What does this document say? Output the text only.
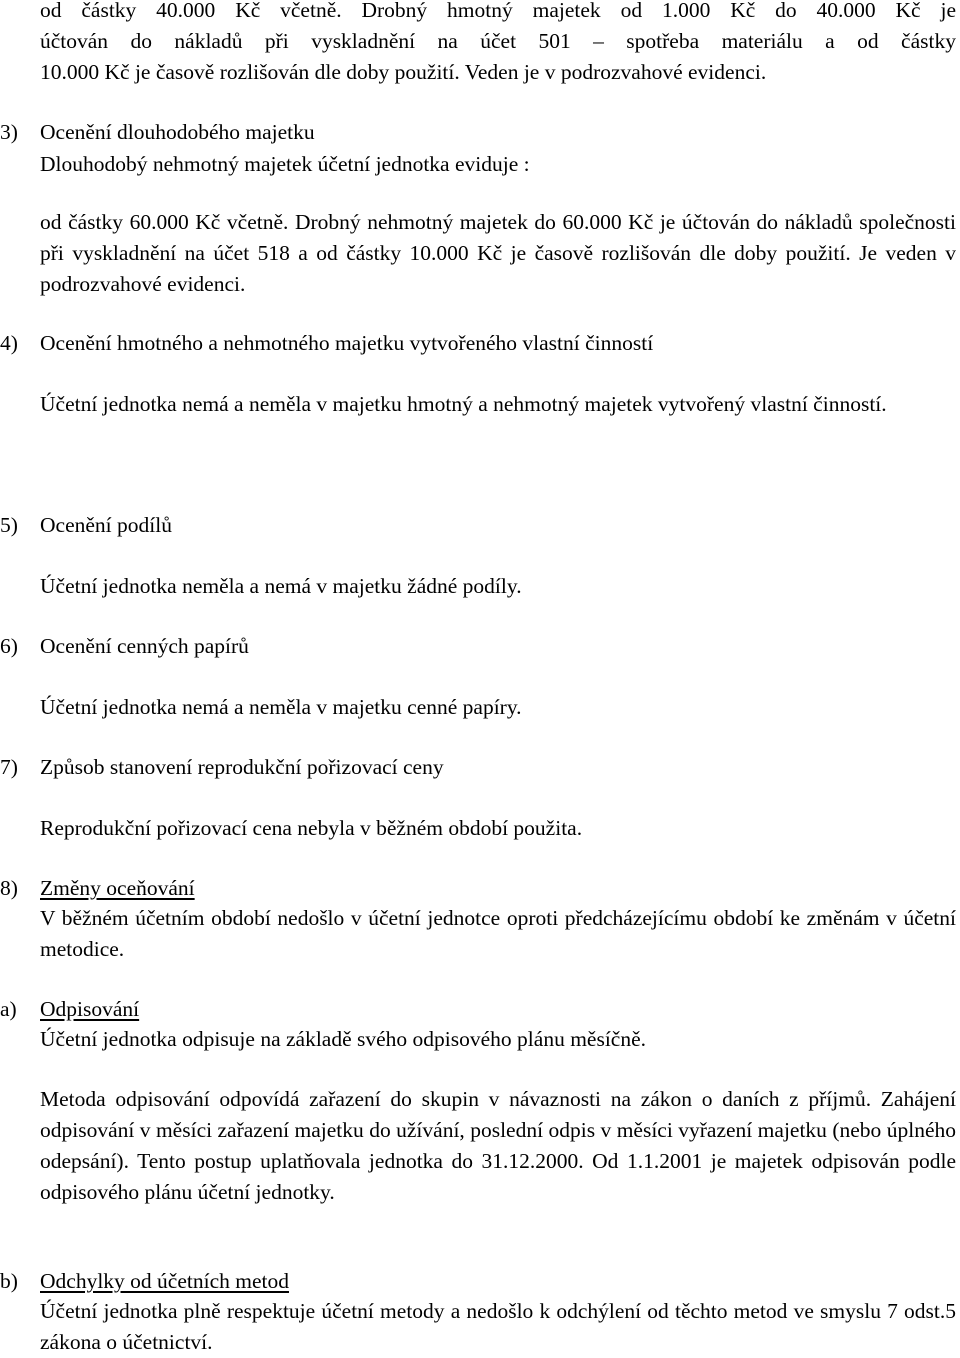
od částky 40.000 Kč včetně. Drobný hmotný majetek od 1.000 Kč do 40.000 Kč je
účtován do nákladů při vyskladnění na účet 501 – spotřeba materiálu a od částky
10.000 Kč je časově rozlišován dle doby použití. Veden je v podrozvahové evidenci.
3)	Ocenění dlouhodobého majetku
Dlouhodobý nehmotný majetek účetní jednotka eviduje :
od částky 60.000 Kč včetně. Drobný nehmotný majetek do 60.000 Kč je účtován do nákladů společnosti při vyskladnění na účet 518 a od částky 10.000 Kč je časově rozlišován dle doby použití. Je veden v podrozvahové evidenci.
4)	Ocenění hmotného a nehmotného majetku vytvořeného vlastní činností
Účetní jednotka nemá a neměla v majetku hmotný a nehmotný majetek vytvořený vlastní činností.
5)	Ocenění podílů
Účetní jednotka neměla a nemá v majetku žádné podíly.
6)	Ocenění cenných papírů
Účetní jednotka nemá a neměla v majetku cenné papíry.
7)	Způsob stanovení reprodukční pořizovací ceny
Reprodukční pořizovací cena nebyla v běžném období použita.
8)	Změny oceňování
V běžném účetním období nedošlo v účetní jednotce oproti předcházejícímu období ke změnám v účetní metodice.
a)	Odpisování
Účetní jednotka odpisuje na základě svého odpisového plánu měsíčně.
Metoda odpisování odpovídá zařazení do skupin v návaznosti na zákon o daních z příjmů. Zahájení odpisování v měsíci zařazení majetku do užívání, poslední odpis v měsíci vyřazení majetku (nebo úplného odepsání). Tento postup uplatňovala jednotka do 31.12.2000. Od 1.1.2001 je majetek odpisován podle odpisového plánu účetní jednotky.
b)	Odchylky od účetních metod
Účetní jednotka plně respektuje účetní metody a nedošlo k odchýlení od těchto metod ve smyslu 7 odst.5 zákona o účetnictví.
